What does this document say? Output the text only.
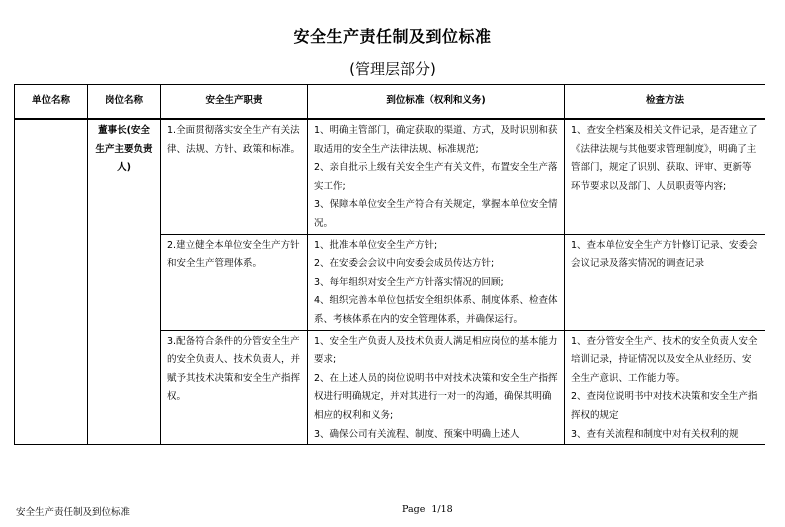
安全生产责任制及到位标准
(管理层部分)
单位名称	岗位名称	安全生产职责	到位标准（权利和义务)	检查方法
	董事长(安全生产主要负责人)	1.全面贯彻落实安全生产有关法律、法规、方针、政策和标准。	1、明确主管部门，确定获取的渠道、方式，及时识别和获取适用的安全生产法律法规、标准规范;
2、亲自批示上级有关安全生产有关文件，布置安全生产落实工作;
3、保障本单位安全生产符合有关规定，掌握本单位安全情况。	1、查安全档案及相关文件记录，是否建立了《法律法规与其他要求管理制度》，明确了主管部门，规定了识别、获取、评审、更新等环节要求以及部门、人员职责等内容;

		2.建立健全本单位安全生产方针和安全生产管理体系。	1、批准本单位安全生产方针;
2、在安委会会议中向安委会成员传达方针;
3、每年组织对安全生产方针落实情况的回顾;
4、组织完善本单位包括安全组织体系、制度体系、检查体系、考核体系在内的安全管理体系，并确保运行。	1、查本单位安全生产方针修订记录、安委会会议记录及落实情况的调查记录

		3.配备符合条件的分管安全生产的安全负责人、技术负责人，并赋予其技术决策和安全生产指挥权。	1、安全生产负责人及技术负责人满足相应岗位的基本能力要求;
2、在上述人员的岗位说明书中对技术决策和安全生产指挥权进行明确规定，并对其进行一对一的沟通，确保其明确相应的权利和义务;
3、确保公司有关流程、制度、预案中明确上述人	1、查分管安全生产、技术的安全负责人安全培训记录，持证情况以及安全从业经历、安全生产意识、工作能力等。
2、查岗位说明书中对技术决策和安全生产指挥权的规定
3、查有关流程和制度中对有关权利的规
安全生产责任制及到位标准	Page 1/18
